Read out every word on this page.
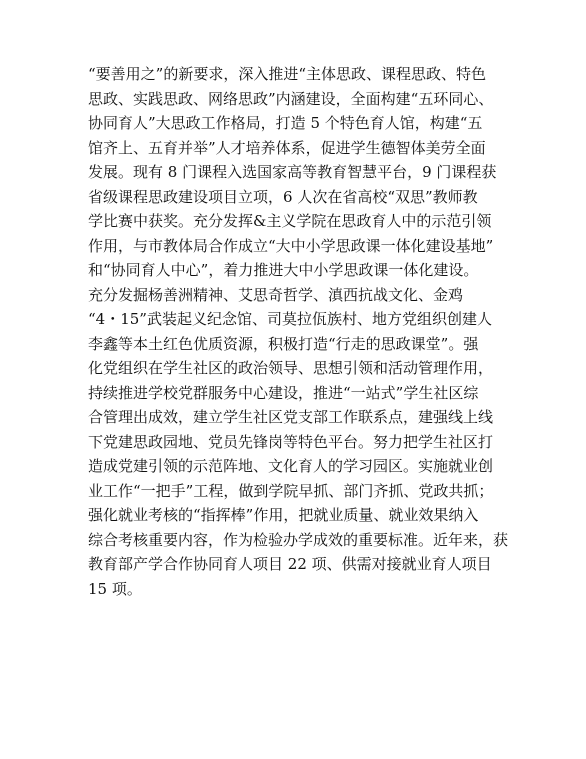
“要善用之”的新要求，深入推进“主体思政、课程思政、特色
思政、实践思政、网络思政”内涵建设，全面构建“五环同心、
协同育人”大思政工作格局，打造 5 个特色育人馆，构建“五
馆齐上、五育并举”人才培养体系，促进学生德智体美劳全面
发展。现有 8 门课程入选国家高等教育智慧平台，9 门课程获
省级课程思政建设项目立项，6 人次在省高校“双思”教师教
学比赛中获奖。充分发挥&主义学院在思政育人中的示范引领
作用，与市教体局合作成立“大中小学思政课一体化建设基地”
和“协同育人中心”，着力推进大中小学思政课一体化建设。
充分发掘杨善洲精神、艾思奇哲学、滇西抗战文化、金鸡
“4・15”武装起义纪念馆、司莫拉佤族村、地方党组织创建人
李鑫等本土红色优质资源，积极打造“行走的思政课堂”。强
化党组织在学生社区的政治领导、思想引领和活动管理作用，
持续推进学校党群服务中心建设，推进“一站式”学生社区综
合管理出成效，建立学生社区党支部工作联系点，建强线上线
下党建思政园地、党员先锋岗等特色平台。努力把学生社区打
造成党建引领的示范阵地、文化育人的学习园区。实施就业创
业工作“一把手”工程，做到学院早抓、部门齐抓、党政共抓；
强化就业考核的“指挥棒”作用，把就业质量、就业效果纳入
综合考核重要内容，作为检验办学成效的重要标准。近年来，获
教育部产学合作协同育人项目 22 项、供需对接就业育人项目
15 项。
